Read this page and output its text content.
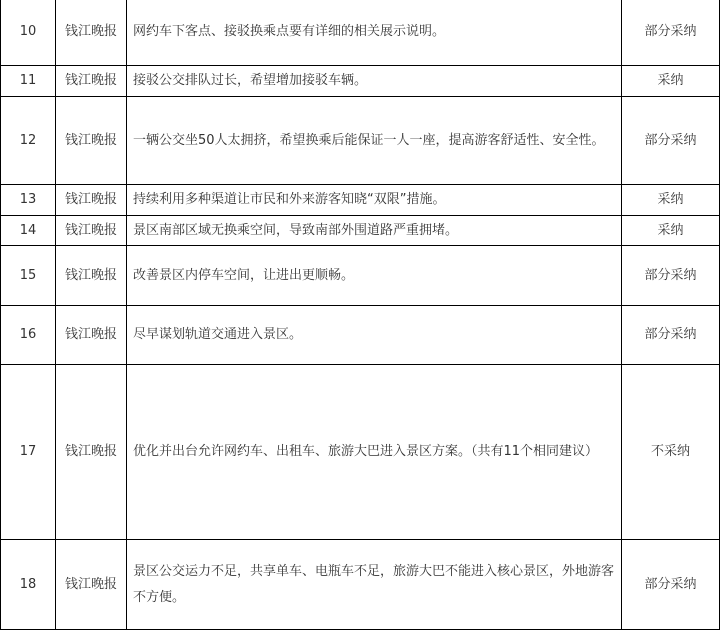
10	钱江晚报	网约车下客点、接驳换乘点要有详细的相关展示说明。	部分采纳
11	钱江晚报	接驳公交排队过长，希望增加接驳车辆。	采纳
12	钱江晚报	一辆公交坐50人太拥挤，希望换乘后能保证一人一座，提高游客舒适性、安全性。	部分采纳
13	钱江晚报	持续利用多种渠道让市民和外来游客知晓“双限”措施。	采纳
14	钱江晚报	景区南部区域无换乘空间，导致南部外围道路严重拥堵。	采纳
15	钱江晚报	改善景区内停车空间，让进出更顺畅。	部分采纳
16	钱江晚报	尽早谋划轨道交通进入景区。	部分采纳
17	钱江晚报	优化并出台允许网约车、出租车、旅游大巴进入景区方案。（共有11个相同建议）	不采纳
18	钱江晚报	景区公交运力不足，共享单车、电瓶车不足，旅游大巴不能进入核心景区，外地游客不方便。	部分采纳
